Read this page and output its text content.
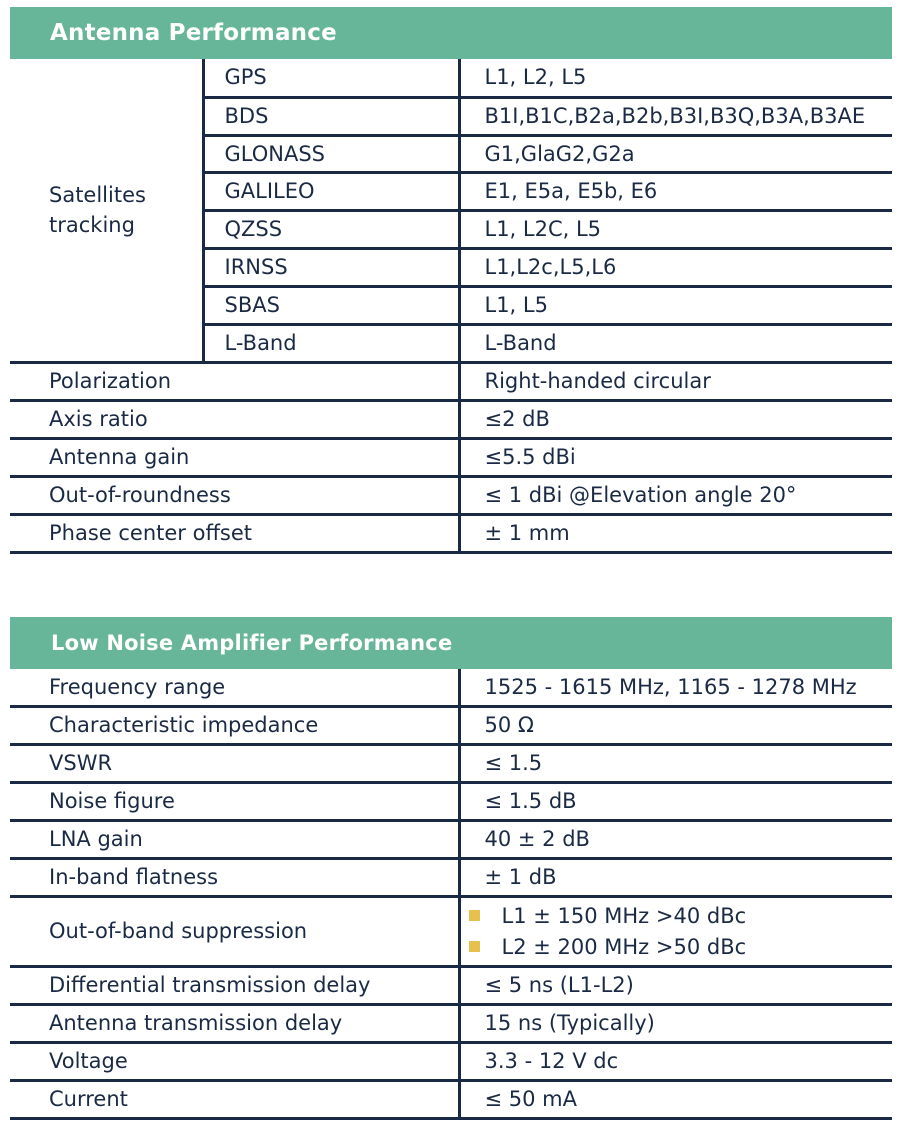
Antenna Performance
Satellites
tracking	GPS	L1, L2, L5
	BDS	B1I,B1C,B2a,B2b,B3I,B3Q,B3A,B3AE
	GLONASS	G1,GlaG2,G2a
	GALILEO	E1, E5a, E5b, E6
	QZSS	L1, L2C, L5
	IRNSS	L1,L2c,L5,L6
	SBAS	L1, L5
	L-Band	L-Band
Polarization		Right-handed circular
Axis ratio		≤2 dB
Antenna gain		≤5.5 dBi
Out-of-roundness		≤ 1 dBi @Elevation angle 20°
Phase center offset		± 1 mm
Low Noise Amplifier Performance
Frequency range	1525 - 1615 MHz, 1165 - 1278 MHz
Characteristic impedance	50 Ω
VSWR	≤ 1.5
Noise figure	≤ 1.5 dB
LNA gain	40 ± 2 dB
In-band flatness	± 1 dB
Out-of-band suppression	L1 ± 150 MHz >40 dBc
L2 ± 200 MHz >50 dBc

Differential transmission delay	≤ 5 ns (L1-L2)
Antenna transmission delay	15 ns (Typically)
Voltage	3.3 - 12 V dc
Current	≤ 50 mA
